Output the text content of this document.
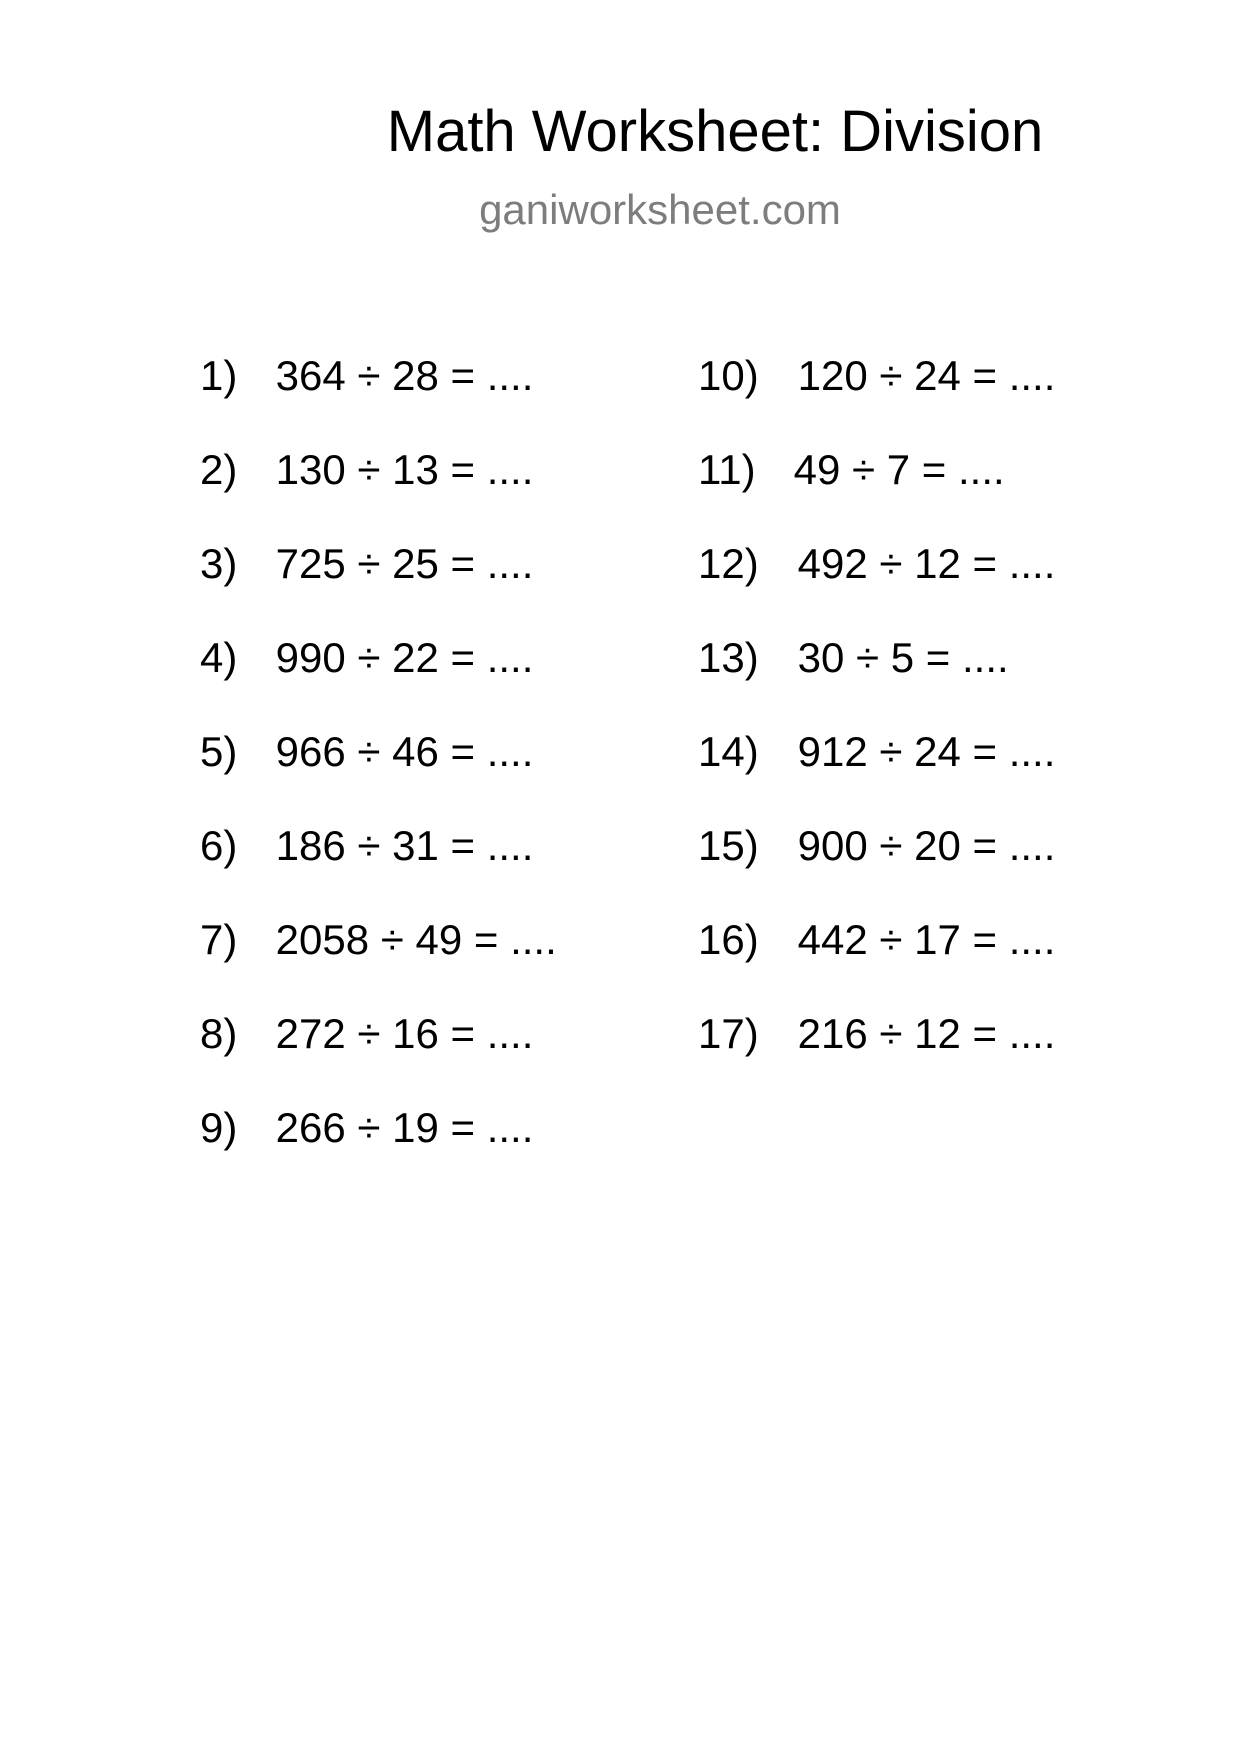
Math Worksheet: Division
ganiworksheet.com
1) 364 ÷ 28 = ....
2) 130 ÷ 13 = ....
3) 725 ÷ 25 = ....
4) 990 ÷ 22 = ....
5) 966 ÷ 46 = ....
6) 186 ÷ 31 = ....
7) 2058 ÷ 49 = ....
8) 272 ÷ 16 = ....
9) 266 ÷ 19 = ....
10) 120 ÷ 24 = ....
11) 49 ÷ 7 = ....
12) 492 ÷ 12 = ....
13) 30 ÷ 5 = ....
14) 912 ÷ 24 = ....
15) 900 ÷ 20 = ....
16) 442 ÷ 17 = ....
17) 216 ÷ 12 = ....
